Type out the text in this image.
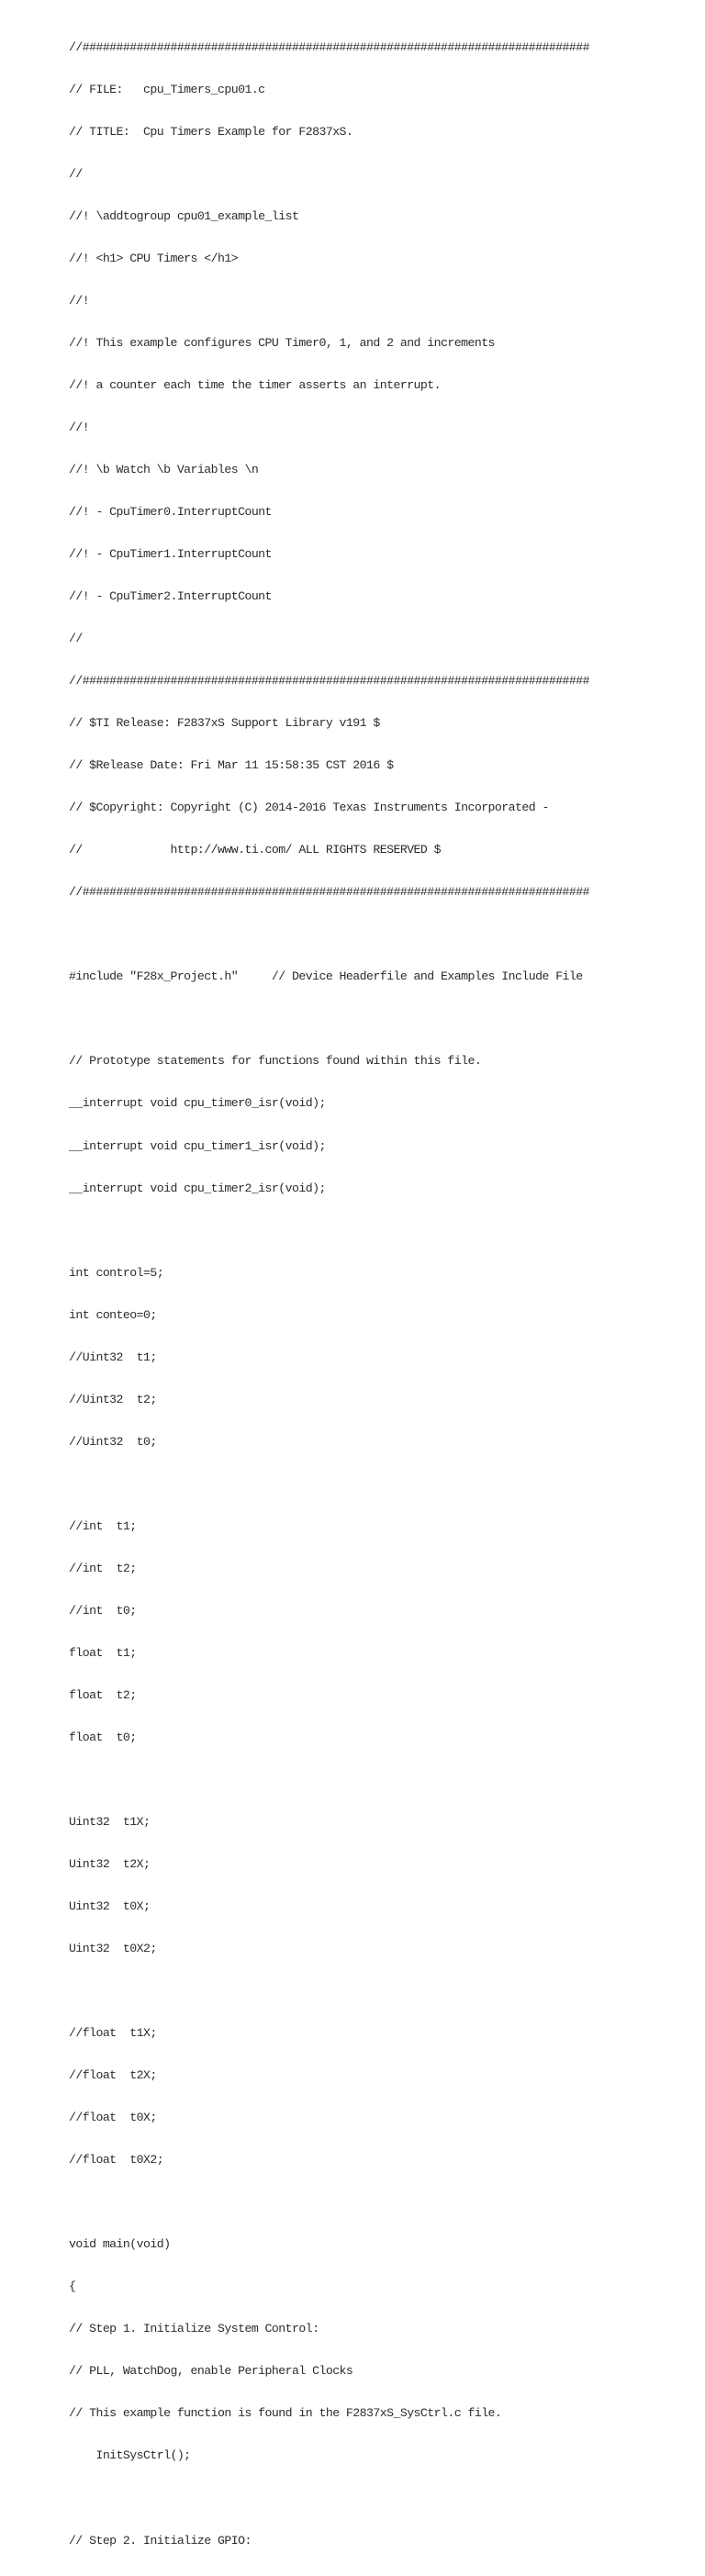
//###########################################################################

// FILE:   cpu_Timers_cpu01.c

// TITLE:  Cpu Timers Example for F2837xS.

//

//! \addtogroup cpu01_example_list

//! <h1> CPU Timers </h1>

//!

//! This example configures CPU Timer0, 1, and 2 and increments

//! a counter each time the timer asserts an interrupt.

//!

//! \b Watch \b Variables \n

//! - CpuTimer0.InterruptCount

//! - CpuTimer1.InterruptCount

//! - CpuTimer2.InterruptCount

//

//###########################################################################

// $TI Release: F2837xS Support Library v191 $

// $Release Date: Fri Mar 11 15:58:35 CST 2016 $

// $Copyright: Copyright (C) 2014-2016 Texas Instruments Incorporated -

//             http://www.ti.com/ ALL RIGHTS RESERVED $

//###########################################################################

#include "F28x_Project.h"     // Device Headerfile and Examples Include File

// Prototype statements for functions found within this file.

__interrupt void cpu_timer0_isr(void);

__interrupt void cpu_timer1_isr(void);

__interrupt void cpu_timer2_isr(void);

int control=5;

int conteo=0;

//Uint32  t1;

//Uint32  t2;

//Uint32  t0;

//int  t1;

//int  t2;

//int  t0;

float  t1;

float  t2;

float  t0;

Uint32  t1X;

Uint32  t2X;

Uint32  t0X;

Uint32  t0X2;

//float  t1X;

//float  t2X;

//float  t0X;

//float  t0X2;

void main(void)

{

// Step 1. Initialize System Control:

// PLL, WatchDog, enable Peripheral Clocks

// This example function is found in the F2837xS_SysCtrl.c file.

InitSysCtrl();

// Step 2. Initialize GPIO:
